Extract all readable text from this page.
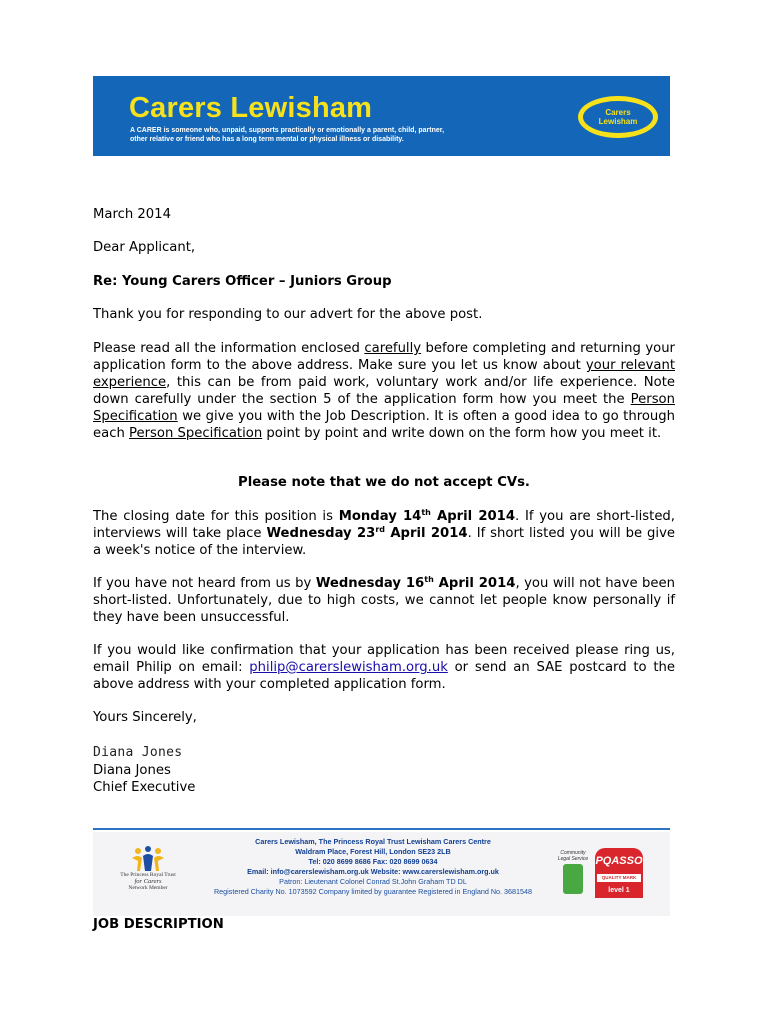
Carers Lewisham
A CARER is someone who, unpaid, supports practically or emotionally a parent, child, partner, other relative or friend who has a long term mental or physical illness or disability.
Carers
Lewisham
March 2014
Dear Applicant,
Re: Young Carers Officer – Juniors Group
Thank you for responding to our advert for the above post.
Please read all the information enclosed carefully before completing and returning your application form to the above address. Make sure you let us know about your relevant experience, this can be from paid work, voluntary work and/or life experience. Note down carefully under the section 5 of the application form how you meet the Person Specification we give you with the Job Description. It is often a good idea to go through each Person Specification point by point and write down on the form how you meet it.
Please note that we do not accept CVs.
The closing date for this position is Monday 14th April 2014. If you are short-listed, interviews will take place Wednesday 23rd April 2014. If short listed you will be give a week's notice of the interview.
If you have not heard from us by Wednesday 16th April 2014, you will not have been short-listed. Unfortunately, due to high costs, we cannot let people know personally if they have been unsuccessful.
If you would like confirmation that your application has been received please ring us, email Philip on email: philip@carerslewisham.org.uk or send an SAE postcard to the above address with your completed application form.
Yours Sincerely,
Diana Jones
Diana Jones
Chief Executive
The Princess Royal Trust
for Carers
Network Member
Carers Lewisham, The Princess Royal Trust Lewisham Carers Centre
Waldram Place, Forest Hill, London SE23 2LB
Tel: 020 8699 8686 Fax: 020 8699 0634
Email: info@carerslewisham.org.uk Website: www.carerslewisham.org.uk
Patron: Lieutenant Colonel Conrad St.John Graham TD DL
Registered Charity No. 1073592 Company limited by guarantee Registered in England No. 3681548
Community Legal Service PQASSO
QUALITY MARK
level 1
JOB DESCRIPTION
